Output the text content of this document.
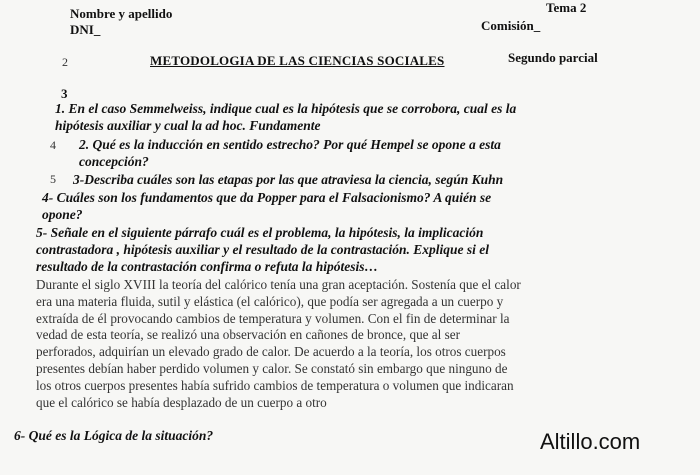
Nombre y apellido	Tema 2
DNI_	Comisión_
2	METODOLOGIA DE LAS CIENCIAS SOCIALES	Segundo parcial
3
1. En el caso Semmelweiss, indique cual es la hipótesis que se corrobora, cual es la
hipótesis auxiliar y cual la ad hoc. Fundamente
4 2. Qué es la inducción en sentido estrecho? Por qué Hempel se opone a esta
concepción?
5 3-Describa cuáles son las etapas por las que atraviesa la ciencia, según Kuhn
4- Cuáles son los fundamentos que da Popper para el Falsacionismo? A quién se
opone?
5- Señale en el siguiente párrafo cuál es el problema, la hipótesis, la implicación
contrastadora , hipótesis auxiliar y el resultado de la contrastación. Explique si el
resultado de la contrastación confirma o refuta la hipótesis…
Durante el siglo XVIII la teoría del calórico tenía una gran aceptación. Sostenía que el calor
era una materia fluida, sutil y elástica (el calórico), que podía ser agregada a un cuerpo y
extraída de él provocando cambios de temperatura y volumen. Con el fin de determinar la
vedad de esta teoría, se realizó una observación en cañones de bronce, que al ser
perforados, adquirían un elevado grado de calor. De acuerdo a la teoría, los otros cuerpos
presentes debían haber perdido volumen y calor. Se constató sin embargo que ninguno de
los otros cuerpos presentes había sufrido cambios de temperatura o volumen que indicaran
que el calórico se había desplazado de un cuerpo a otro
6- Qué es la Lógica de la situación?	Altillo.com
